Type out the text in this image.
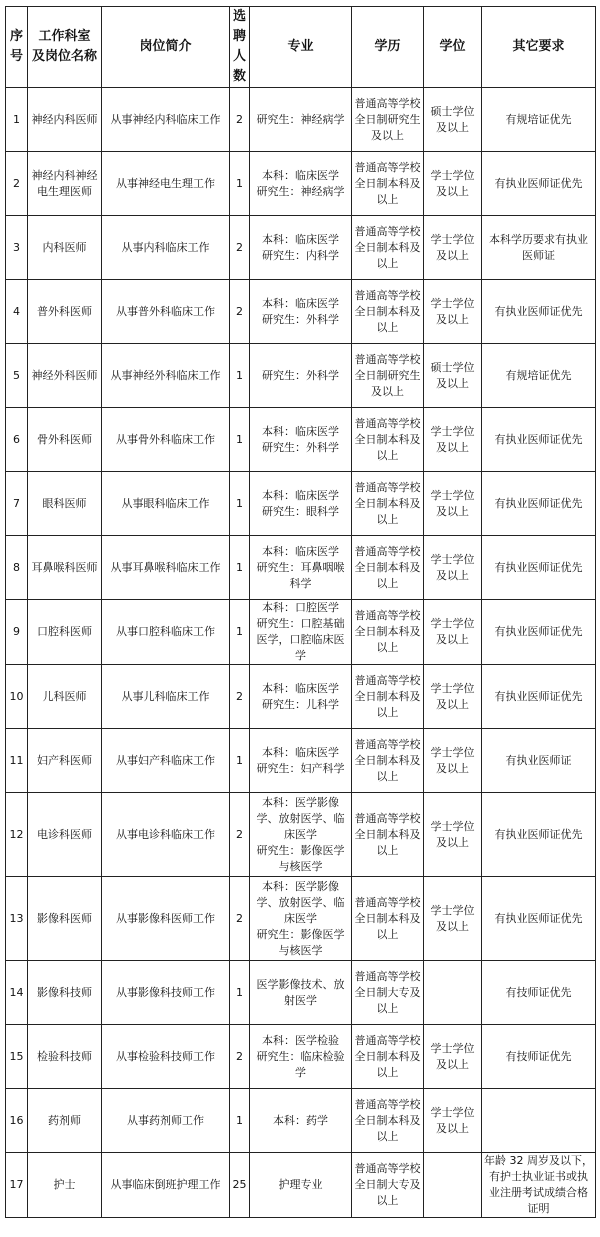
序
号	工作科室
及岗位名称	岗位简介	选
聘
人
数	专业	学历	学位	其它要求
1	神经内科医师	从事神经内科临床工作	2	研究生：神经病学	普通高等学校全日制研究生及以上	硕士学位及以上	有规培证优先
2	神经内科神经电生理医师	从事神经电生理工作	1	本科：临床医学
研究生：神经病学	普通高等学校全日制本科及以上	学士学位及以上	有执业医师证优先
3	内科医师	从事内科临床工作	2	本科：临床医学
研究生：内科学	普通高等学校全日制本科及以上	学士学位及以上	本科学历要求有执业医师证
4	普外科医师	从事普外科临床工作	2	本科：临床医学
研究生：外科学	普通高等学校全日制本科及以上	学士学位及以上	有执业医师证优先
5	神经外科医师	从事神经外科临床工作	1	研究生：外科学	普通高等学校全日制研究生及以上	硕士学位及以上	有规培证优先
6	骨外科医师	从事骨外科临床工作	1	本科：临床医学
研究生：外科学	普通高等学校全日制本科及以上	学士学位及以上	有执业医师证优先
7	眼科医师	从事眼科临床工作	1	本科：临床医学
研究生：眼科学	普通高等学校全日制本科及以上	学士学位及以上	有执业医师证优先
8	耳鼻喉科医师	从事耳鼻喉科临床工作	1	本科：临床医学
研究生：耳鼻咽喉科学	普通高等学校全日制本科及以上	学士学位及以上	有执业医师证优先
9	口腔科医师	从事口腔科临床工作	1	本科：口腔医学
研究生：口腔基础医学，口腔临床医学	普通高等学校全日制本科及以上	学士学位及以上	有执业医师证优先
10	儿科医师	从事儿科临床工作	2	本科：临床医学
研究生：儿科学	普通高等学校全日制本科及以上	学士学位及以上	有执业医师证优先
11	妇产科医师	从事妇产科临床工作	1	本科：临床医学
研究生：妇产科学	普通高等学校全日制本科及以上	学士学位及以上	有执业医师证
12	电诊科医师	从事电诊科临床工作	2	本科：医学影像学、放射医学、临床医学
研究生：影像医学与核医学	普通高等学校全日制本科及以上	学士学位及以上	有执业医师证优先
13	影像科医师	从事影像科医师工作	2	本科：医学影像学、放射医学、临床医学
研究生：影像医学与核医学	普通高等学校全日制本科及以上	学士学位及以上	有执业医师证优先
14	影像科技师	从事影像科技师工作	1	医学影像技术、放射医学	普通高等学校全日制大专及以上		有技师证优先
15	检验科技师	从事检验科技师工作	2	本科：医学检验
研究生：临床检验学	普通高等学校全日制本科及以上	学士学位及以上	有技师证优先
16	药剂师	从事药剂师工作	1	本科：药学	普通高等学校全日制本科及以上	学士学位及以上	
17	护士	从事临床倒班护理工作	25	护理专业	普通高等学校全日制大专及以上		年龄 32 周岁及以下，有护士执业证书或执业注册考试成绩合格证明
